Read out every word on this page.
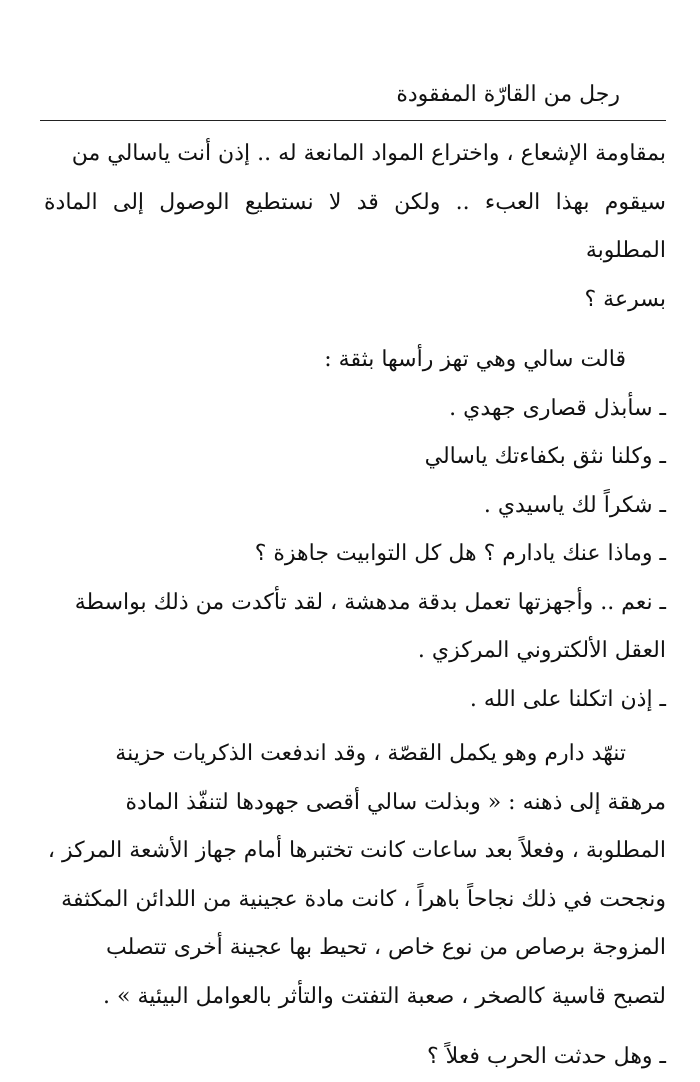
رجل من القارّة المفقودة

بمقاومة الإشعاع ، واختراع المواد المانعة له .. إذن أنت ياسالي من

سيقوم بهذا العبء .. ولكن قد لا نستطيع الوصول إلى المادة المطلوبة

بسرعة ؟

قالت سالي وهي تهز رأسها بثقة :

ـ سأبذل قصارى جهدي .

ـ وكلنا نثق بكفاءتك ياسالي

ـ شكراً لك ياسيدي .

ـ وماذا عنك يادارم ؟ هل كل التوابيت جاهزة ؟

ـ نعم .. وأجهزتها تعمل بدقة مدهشة ، لقد تأكدت من ذلك بواسطة

العقل الألكتروني المركزي .

ـ إذن اتكلنا على الله .

تنهّد دارم وهو يكمل القصّة ، وقد اندفعت الذكريات حزينة

مرهقة إلى ذهنه : « وبذلت سالي أقصى جهودها لتنفّذ المادة

المطلوبة ، وفعلاً بعد ساعات كانت تختبرها أمام جهاز الأشعة المركز ،

ونجحت في ذلك نجاحاً باهراً ، كانت مادة عجينية من اللدائن المكثفة

المزوجة برصاص من نوع خاص ، تحيط بها عجينة أخرى تتصلب

لتصبح قاسية كالصخر ، صعبة التفتت والتأثر بالعوامل البيئية » .

ـ وهل حدثت الحرب فعلاً ؟
